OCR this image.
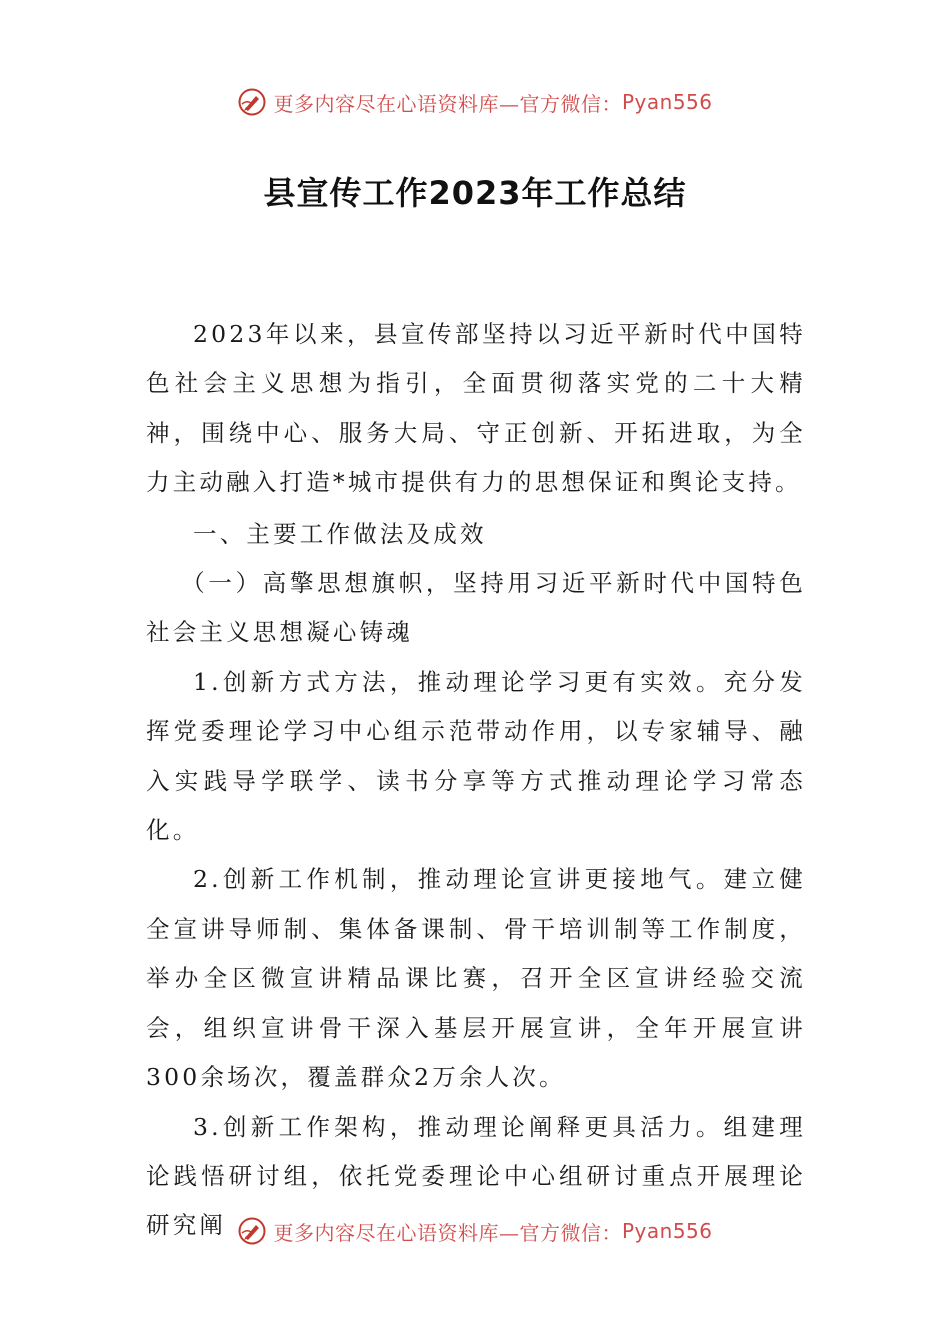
更多内容尽在心语资料库—官方微信： Pyan556
县宣传工作2023年工作总结

2023年以来，县宣传部坚持以习近平新时代中国特色社会主义思想为指引，全面贯彻落实党的二十大精神，围绕中心、服务大局、守正创新、开拓进取，为全力主动融入打造*城市提供有力的思想保证和舆论支持。

一、主要工作做法及成效

（一）高擎思想旗帜，坚持用习近平新时代中国特色社会主义思想凝心铸魂

1.创新方式方法，推动理论学习更有实效。充分发挥党委理论学习中心组示范带动作用，以专家辅导、融入实践导学联学、读书分享等方式推动理论学习常态化。

2.创新工作机制，推动理论宣讲更接地气。建立健全宣讲导师制、集体备课制、骨干培训制等工作制度，举办全区微宣讲精品课比赛，召开全区宣讲经验交流会，组织宣讲骨干深入基层开展宣讲，全年开展宣讲300余场次，覆盖群众2万余人次。

3.创新工作架构，推动理论阐释更具活力。组建理论践悟研讨组，依托党委理论中心组研讨重点开展理论研究阐	更多内容尽在心语资料库—官方微信： Pyan556
